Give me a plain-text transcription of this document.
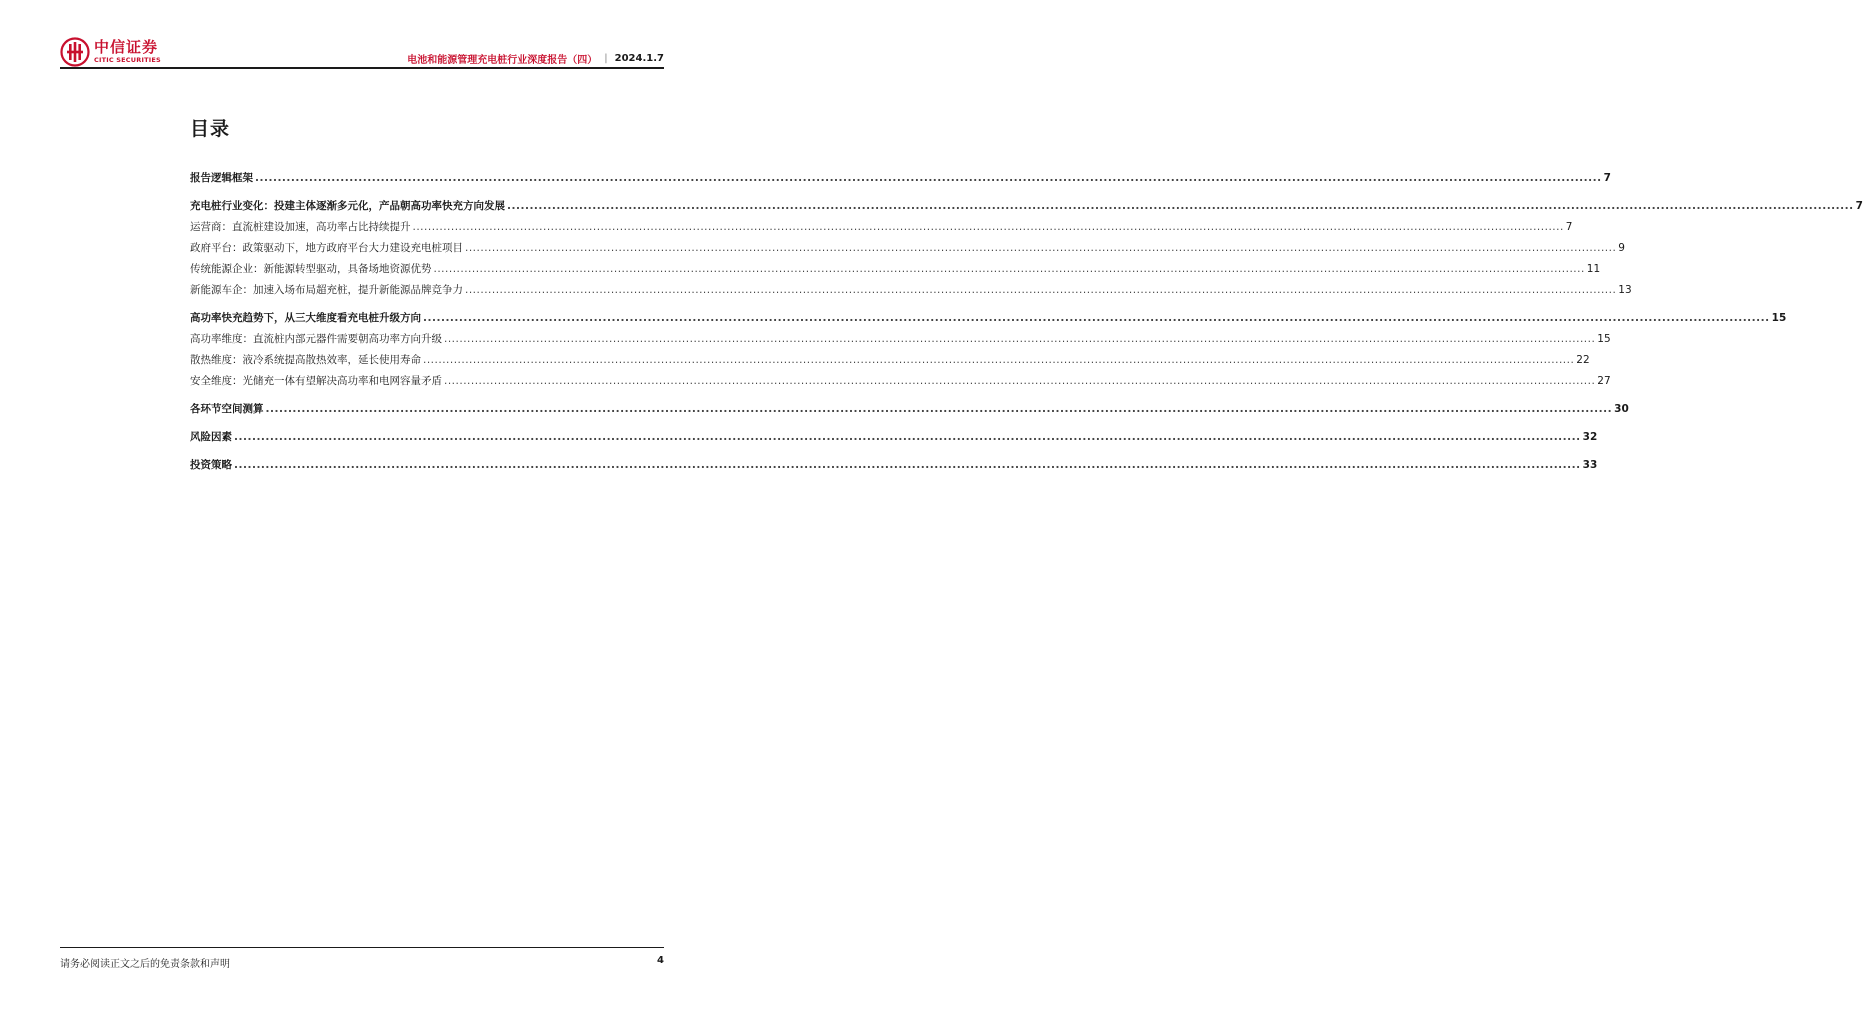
中信证券
CITIC SECURITIES	电池和能源管理充电桩行业深度报告（四） | 2024.1.7
目录
报告逻辑框架 ............................................................................................................................................................................................................................................................................................................ 7
充电桩行业变化：投建主体逐渐多元化，产品朝高功率快充方向发展 ............................................................................................................................................................................................................................................................................................................ 7
运营商：直流桩建设加速，高功率占比持续提升 ............................................................................................................................................................................................................................................................................................................ 7
政府平台：政策驱动下，地方政府平台大力建设充电桩项目 ............................................................................................................................................................................................................................................................................................................ 9
传统能源企业：新能源转型驱动，具备场地资源优势 ............................................................................................................................................................................................................................................................................................................ 11
新能源车企：加速入场布局超充桩，提升新能源品牌竞争力 ............................................................................................................................................................................................................................................................................................................ 13
高功率快充趋势下，从三大维度看充电桩升级方向 ............................................................................................................................................................................................................................................................................................................ 15
高功率维度：直流桩内部元器件需要朝高功率方向升级 ............................................................................................................................................................................................................................................................................................................ 15
散热维度：液冷系统提高散热效率，延长使用寿命 ............................................................................................................................................................................................................................................................................................................ 22
安全维度：光储充一体有望解决高功率和电网容量矛盾 ............................................................................................................................................................................................................................................................................................................ 27
各环节空间测算 ............................................................................................................................................................................................................................................................................................................ 30
风险因素 ............................................................................................................................................................................................................................................................................................................ 32
投资策略 ............................................................................................................................................................................................................................................................................................................ 33
请务必阅读正文之后的免责条款和声明	4
